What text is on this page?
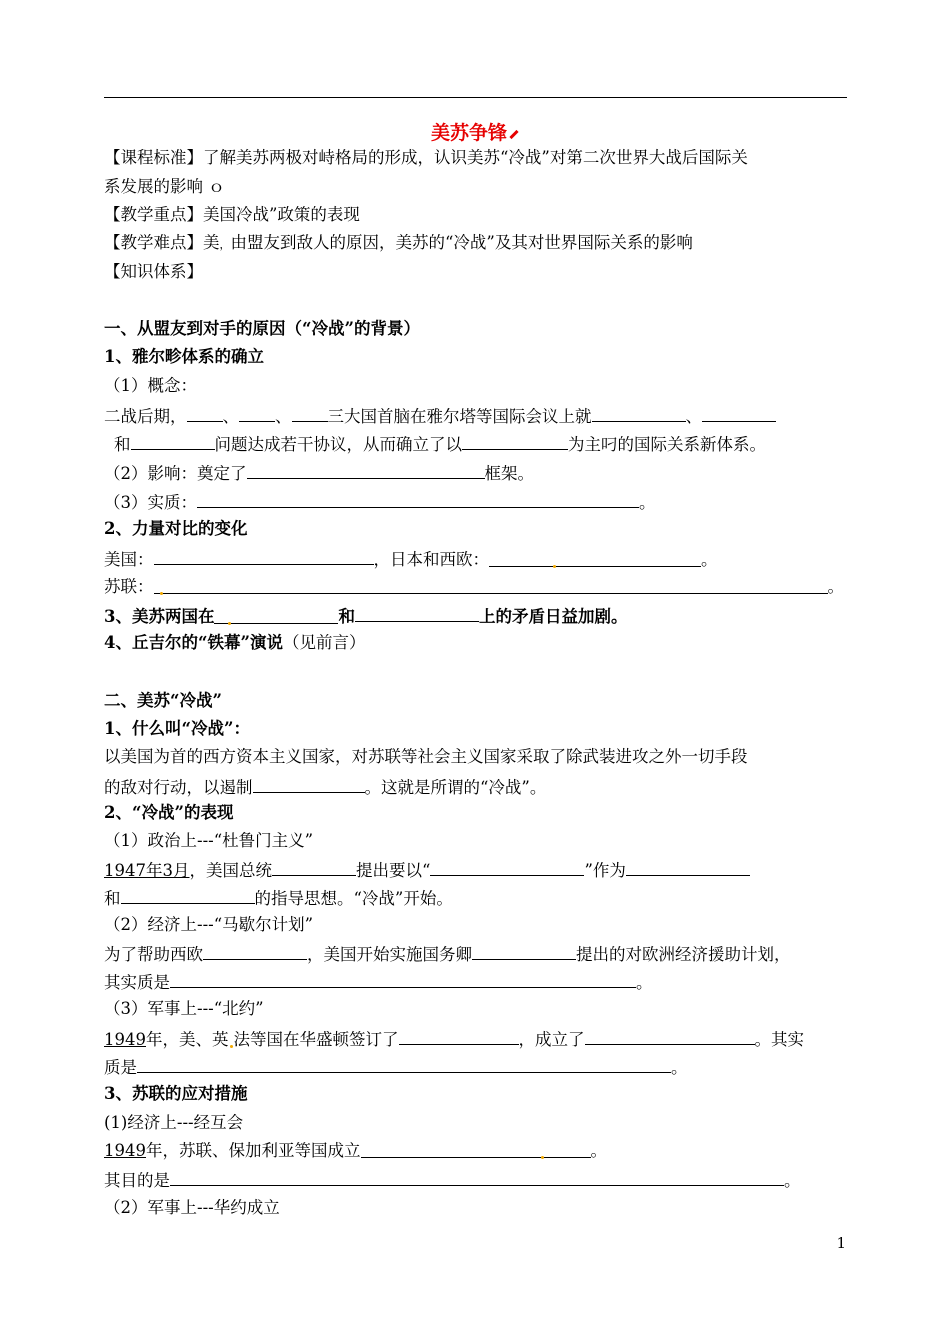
美苏争锋
【课程标准】了解美苏两极对峙格局的形成，认识美苏“冷战”对第二次世界大战后国际关
系发展的影响 ｏ
【教学重点】美国冷战”政策的表现
【教学难点】美，由盟友到敌人的原因，美苏的“冷战”及其对世界国际关系的影响
【知识体系】
一、从盟友到对手的原因（“冷战”的背景）
1、雅尔畛体系的确立
（1）概念：
二战后期， 、 、 三大国首脑在雅尔塔等国际会议上就	、
和	问题达成若干协议，从而确立了以	为主叼的国际关系新体系。
（2）影响：奠定了	框架。
（3）实质：	。
2、力量对比的变化
美国：	，日本和西欧：	。
苏联：	。
3、美苏两国在	和	上的矛盾日益加剧。
4、丘吉尔的“铁幕”演说（见前言）
二、美苏“冷战”
1、什么叫“冷战”：
以美国为首的西方资本主义国家，对苏联等社会主义国家采取了除武装进攻之外一切手段
的敌对行动，以遏制	。这就是所谓的“冷战”。
2、“冷战”的表现
（1）政治上---“杜鲁门主义”
1947年3月，美国总统	提出要以“	”作为
和	的指导思想。“冷战”开始。
（2）经济上---“马歇尔计划”
为了帮助西欧	，美国开始实施国务卿	提出的对欧洲经济援助计划，
其实质是	。
（3）军事上---“北约”
1949年，美、英 法等国在华盛顿签订了	，成立了	。其实
质是	。
3、苏联的应对措施
(1)经济上---经互会
1949年，苏联、保加利亚等国成立	。
其目的是	。
（2）军事上---华约成立
1
